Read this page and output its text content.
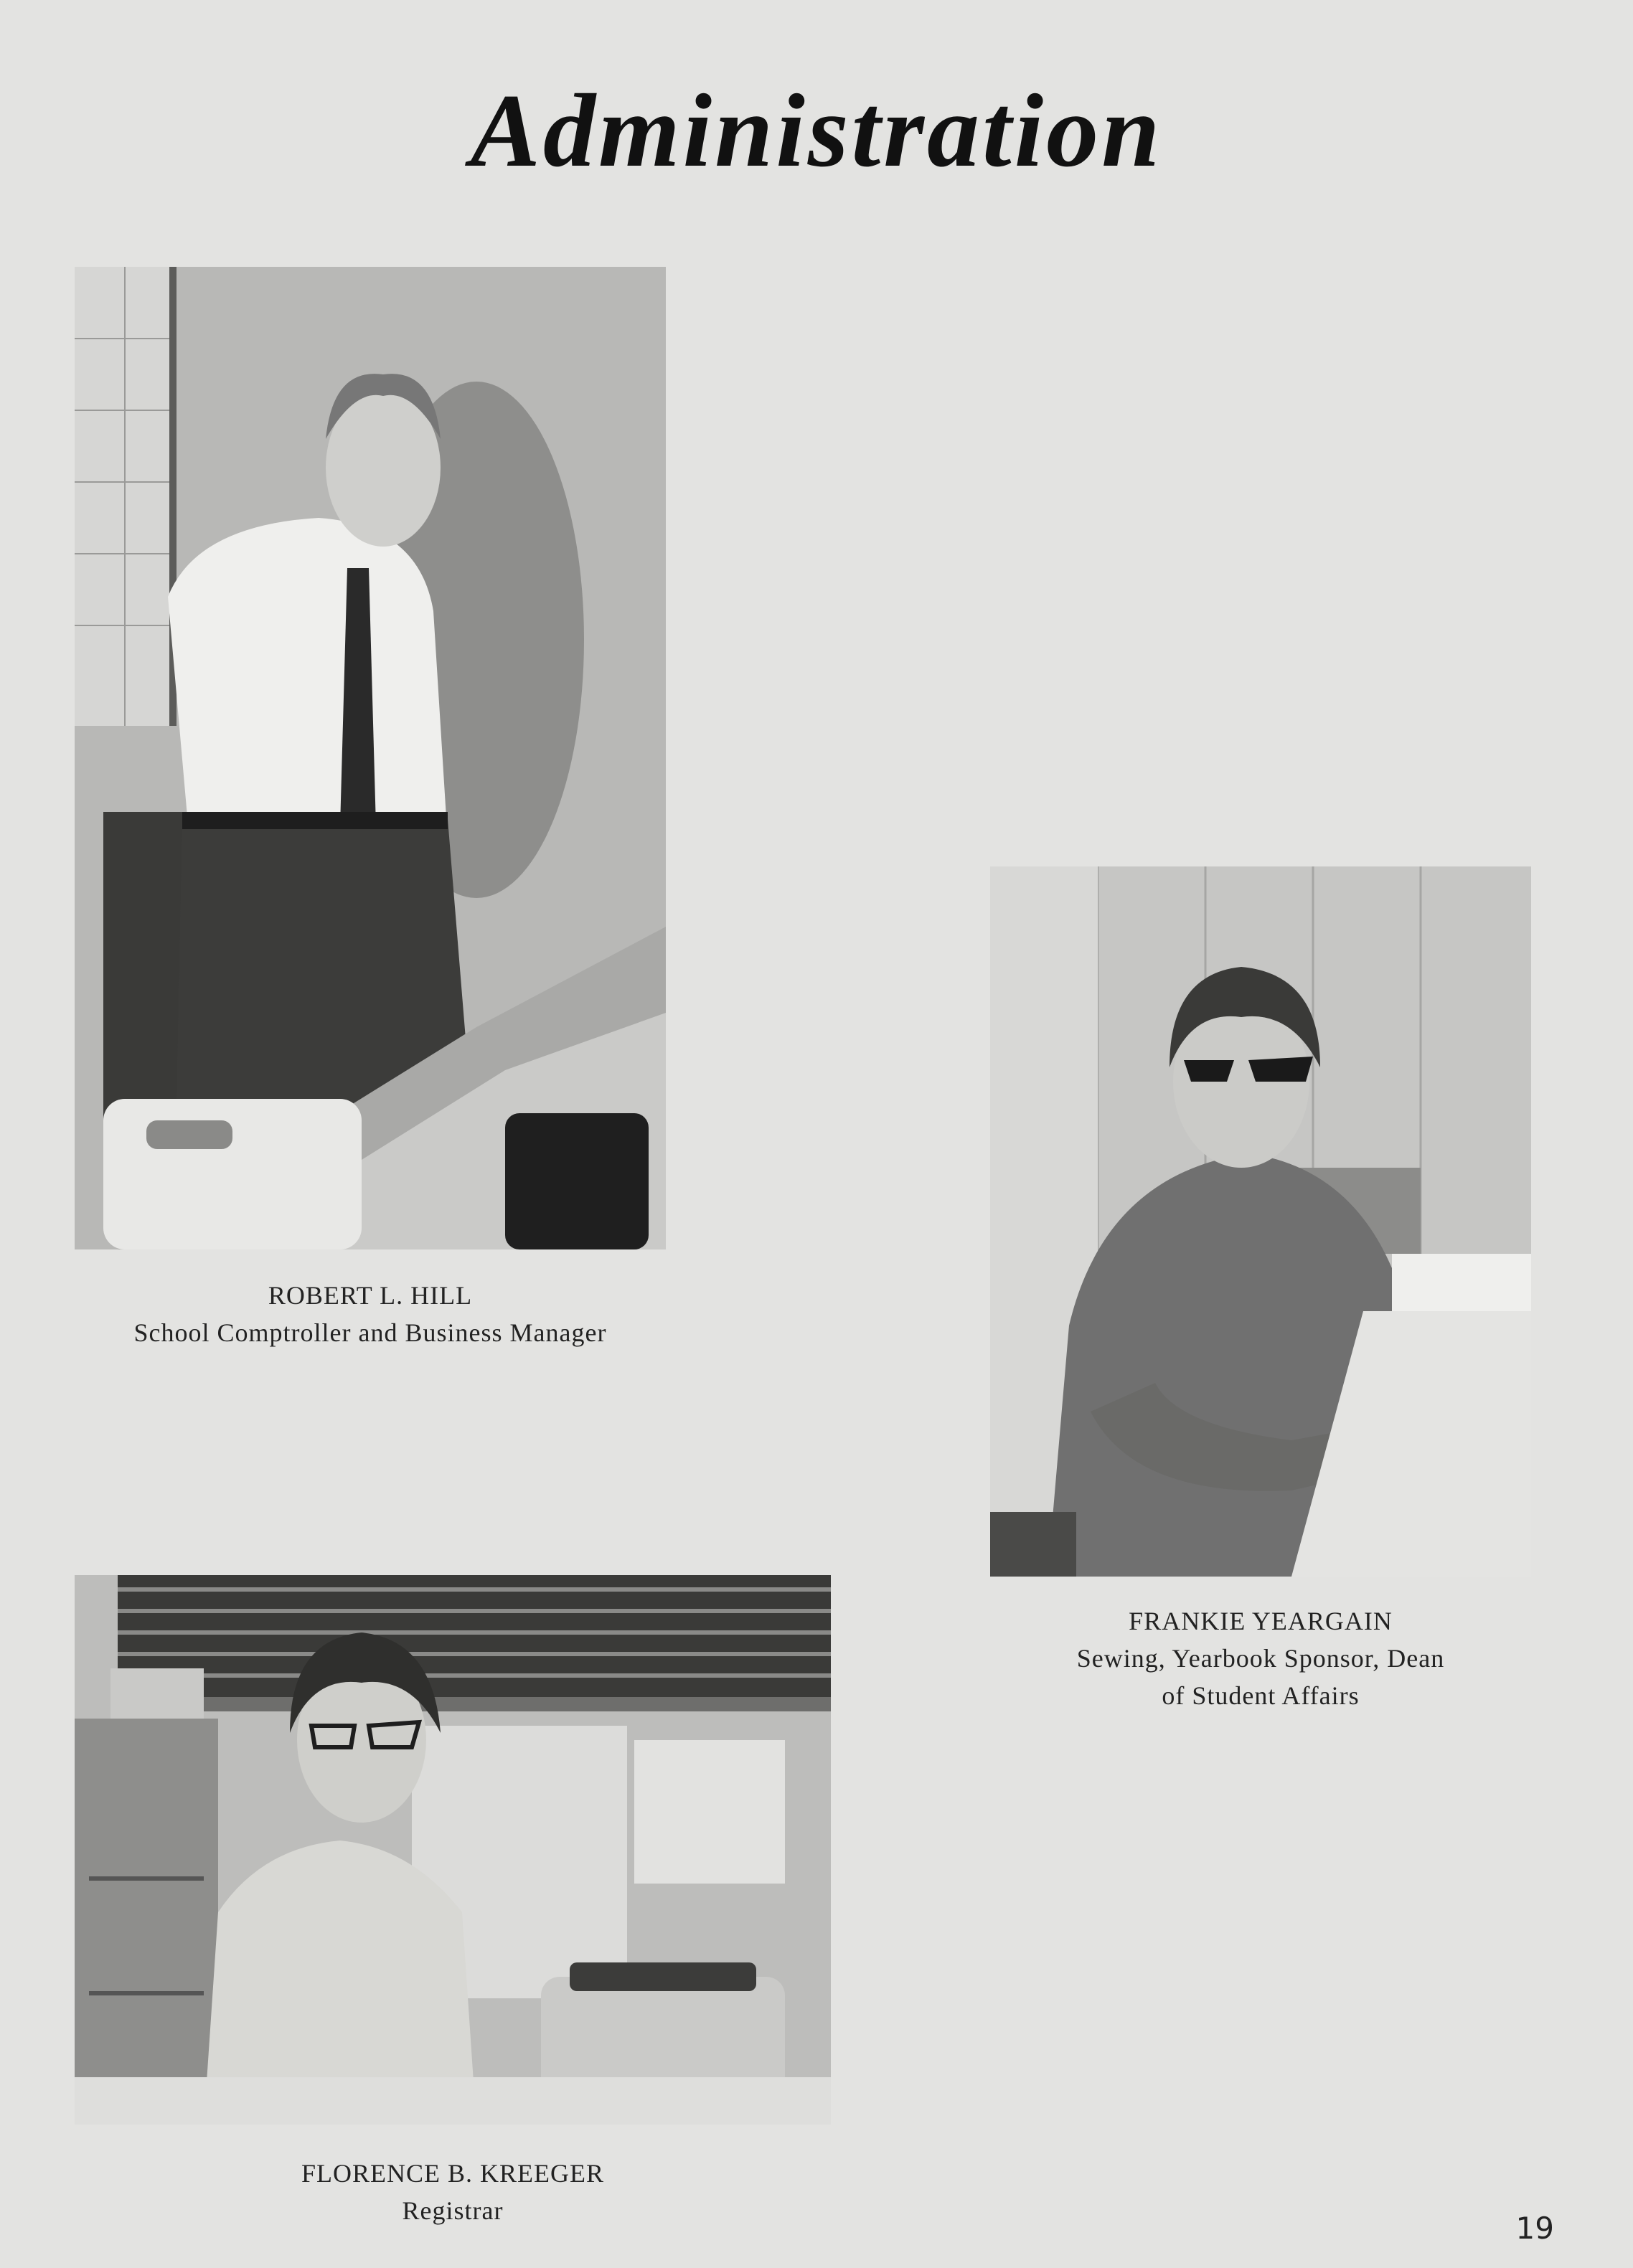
Administration
ROBERT L. HILL
School Comptroller and Business Manager
FRANKIE YEARGAIN
Sewing, Yearbook Sponsor, Dean
of Student Affairs
FLORENCE B. KREEGER
Registrar	19
